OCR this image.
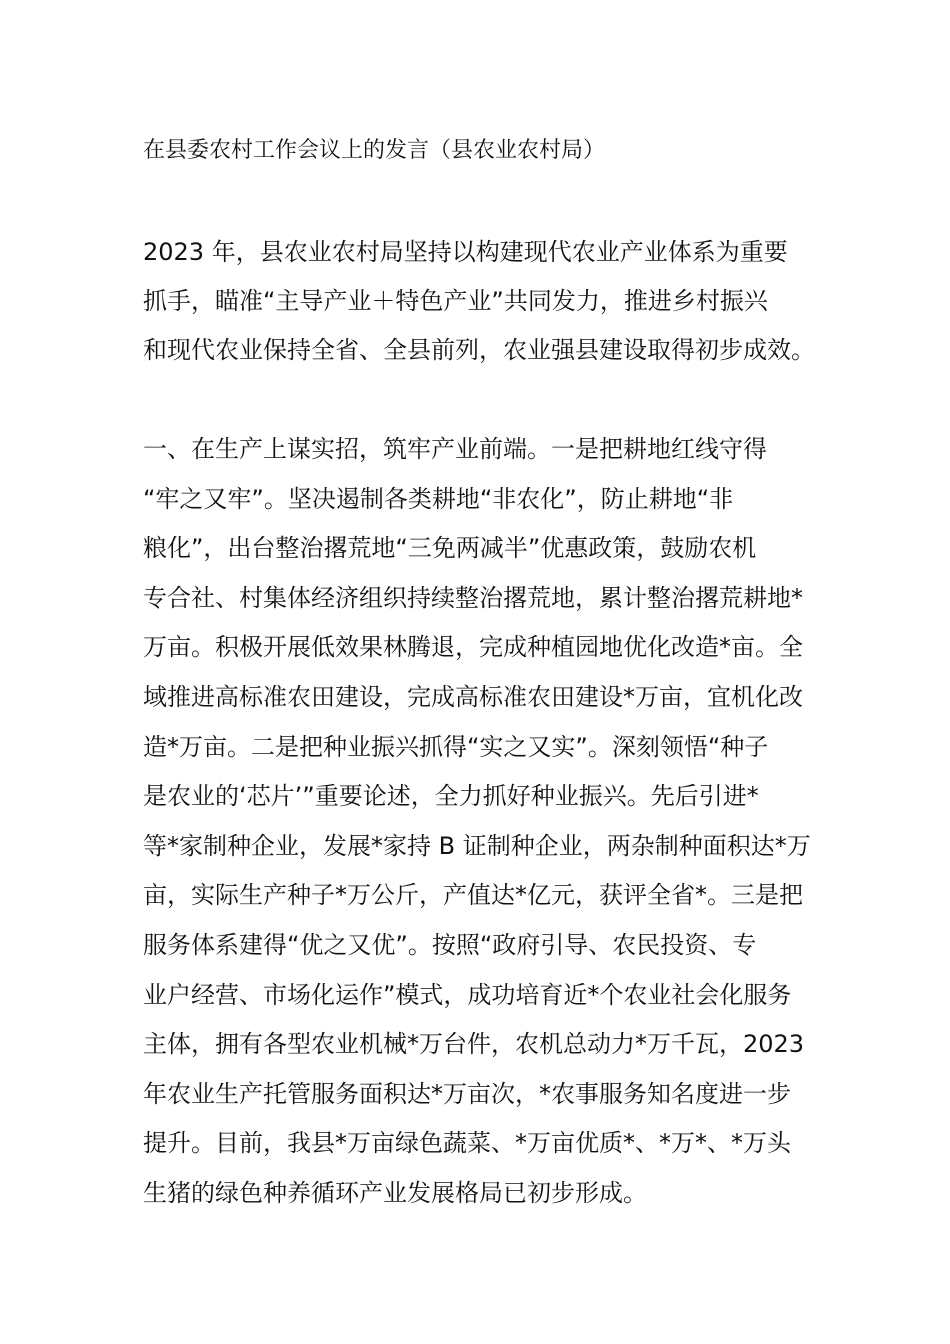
在县委农村工作会议上的发言（县农业农村局）
2023 年，县农业农村局坚持以构建现代农业产业体系为重要
抓手，瞄准“主导产业＋特色产业”共同发力，推进乡村振兴
和现代农业保持全省、全县前列，农业强县建设取得初步成效。
一、在生产上谋实招，筑牢产业前端。一是把耕地红线守得
“牢之又牢”。坚决遏制各类耕地“非农化”，防止耕地“非
粮化”，出台整治撂荒地“三免两减半”优惠政策，鼓励农机
专合社、村集体经济组织持续整治撂荒地，累计整治撂荒耕地*
万亩。积极开展低效果林腾退，完成种植园地优化改造*亩。全
域推进高标准农田建设，完成高标准农田建设*万亩，宜机化改
造*万亩。二是把种业振兴抓得“实之又实”。深刻领悟“种子
是农业的‘芯片’”重要论述，全力抓好种业振兴。先后引进*
等*家制种企业，发展*家持 B 证制种企业，两杂制种面积达*万
亩，实际生产种子*万公斤，产值达*亿元，获评全省*。三是把
服务体系建得“优之又优”。按照“政府引导、农民投资、专
业户经营、市场化运作”模式，成功培育近*个农业社会化服务
主体，拥有各型农业机械*万台件，农机总动力*万千瓦，2023
年农业生产托管服务面积达*万亩次，*农事服务知名度进一步
提升。目前，我县*万亩绿色蔬菜、*万亩优质*、*万*、*万头
生猪的绿色种养循环产业发展格局已初步形成。
